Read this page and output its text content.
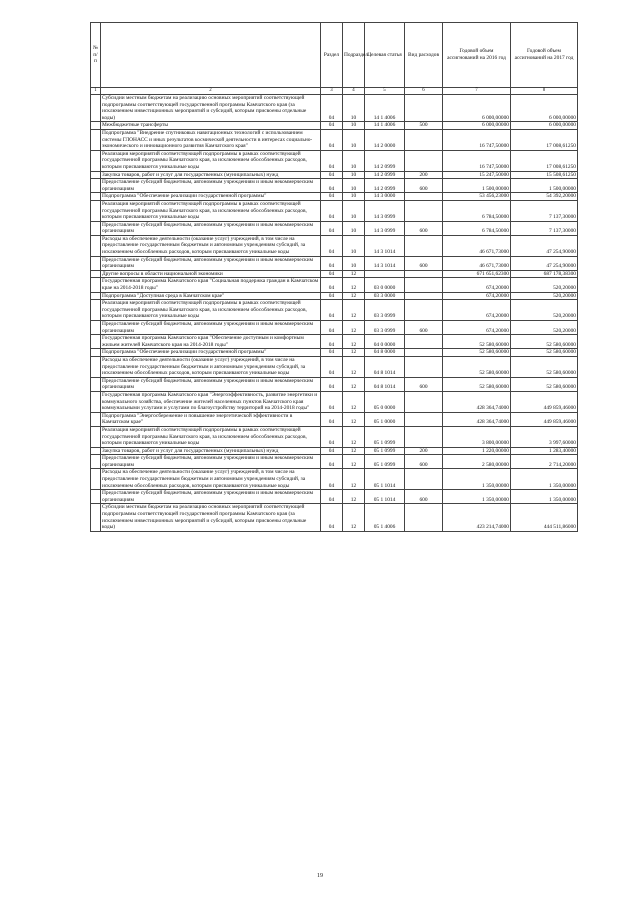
№ п/п		Раздел	Подраздел	Целевая статья	Вид расходов	Годовой объем ассигнований на 2016 год	Годовой объем ассигнований на 2017 год
1	2	3	4	5	6	7	8
	Субсидии местным бюджетам на реализацию основных мероприятий соответствующей подпрограммы соответствующей государственной программы Камчатского края (за исключением инвестиционных мероприятий и субсидий, которым присвоены отдельные коды)	04	10	14 1 4006		6 000,00000	6 000,00000
	Межбюджетные трансферты	04	10	14 1 4006	500	6 000,00000	6 000,00000
	Подпрограмма "Внедрение спутниковых навигационных технологий с использованием системы ГЛОНАСС и иных результатов космической деятельности в интересах социально-экономического и инновационного развития Камчатского края"	04	10	14 2 0000		16 747,50000	17 008,61250
	Реализация мероприятий соответствующей подпрограммы в рамках соответствующей государственной программы Камчатского края, за исключением обособленных расходов, которым присваиваются уникальные коды	04	10	14 2 0999		16 747,50000	17 008,61250
	Закупка товаров, работ и услуг для государственных (муниципальных) нужд	04	10	14 2 0999	200	15 247,50000	15 508,61250
	Предоставление субсидий бюджетным, автономным учреждениям и иным некоммерческим организациям	04	10	14 2 0999	600	1 500,00000	1 500,00000
	Подпрограмма "Обеспечение реализации государственной программы"	04	10	14 3 0000		53 456,23000	54 392,20000
	Реализация мероприятий соответствующей подпрограммы в рамках соответствующей государственной программы Камчатского края, за исключением обособленных расходов, которым присваиваются уникальные коды	04	10	14 3 0999		6 784,50000	7 137,30000
	Предоставление субсидий бюджетным, автономным учреждениям и иным некоммерческим организациям	04	10	14 3 0999	600	6 784,50000	7 137,30000
	Расходы на обеспечение деятельности (оказание услуг) учреждений, в том числе на предоставление государственным бюджетным и автономным учреждениям субсидий, за исключением обособленных расходов, которым присваиваются уникальные коды	04	10	14 3 1014		46 671,73000	47 254,90000
	Предоставление субсидий бюджетным, автономным учреждениям и иным некоммерческим организациям	04	10	14 3 1014	600	46 671,73000	47 254,90000
	Другие вопросы в области национальной экономики	04	12			671 651,62300	687 178,38300
	Государственная программа Камчатского края "Социальная поддержка граждан в Камчатском крае на 2014-2018 годы"	04	12	03 0 0000		674,20000	520,20000
	Подпрограмма "Доступная среда в Камчатском крае"	04	12	03 3 0000		674,20000	520,20000
	Реализация мероприятий соответствующей подпрограммы в рамках соответствующей государственной программы Камчатского края, за исключением обособленных расходов, которым присваиваются уникальные коды	04	12	03 3 0999		674,20000	520,20000
	Предоставление субсидий бюджетным, автономным учреждениям и иным некоммерческим организациям	04	12	03 3 0999	600	674,20000	520,20000
	Государственная программа Камчатского края "Обеспечение доступным и комфортным жильем жителей Камчатского края на 2014-2018 годы"	04	12	04 0 0000		52 580,60000	52 580,60000
	Подпрограмма "Обеспечение реализации государственной программы"	04	12	04 8 0000		52 580,60000	52 580,60000
	Расходы на обеспечение деятельности (оказание услуг) учреждений, в том числе на предоставление государственным бюджетным и автономным учреждениям субсидий, за исключением обособленных расходов, которым присваиваются уникальные коды	04	12	04 8 1014		52 580,60000	52 580,60000
	Предоставление субсидий бюджетным, автономным учреждениям и иным некоммерческим организациям	04	12	04 8 1014	600	52 580,60000	52 580,60000
	Государственная программа Камчатского края "Энергоэффективность, развитие энергетики и коммунального хозяйства, обеспечение жителей населенных пунктов Камчатского края коммунальными услугами и услугами по благоустройству территорий на 2014-2018 годы"	04	12	05 0 0000		428 364,74000	449 859,46000
	Подпрограмма "Энергосбережение и повышение энергетической эффективности в Камчатском крае"	04	12	05 1 0000		428 364,74000	449 859,46000
	Реализация мероприятий соответствующей подпрограммы в рамках соответствующей государственной программы Камчатского края, за исключением обособленных расходов, которым присваиваются уникальные коды	04	12	05 1 0999		3 800,00000	3 997,60000
	Закупка товаров, работ и услуг для государственных (муниципальных) нужд	04	12	05 1 0999	200	1 220,00000	1 283,40000
	Предоставление субсидий бюджетным, автономным учреждениям и иным некоммерческим организациям	04	12	05 1 0999	600	2 580,00000	2 714,20000
	Расходы на обеспечение деятельности (оказание услуг) учреждений, в том числе на предоставление государственным бюджетным и автономным учреждениям субсидий, за исключением обособленных расходов, которым присваиваются уникальные коды	04	12	05 1 1014		1 350,00000	1 350,00000
	Предоставление субсидий бюджетным, автономным учреждениям и иным некоммерческим организациям	04	12	05 1 1014	600	1 350,00000	1 350,00000
	Субсидии местным бюджетам на реализацию основных мероприятий соответствующей подпрограммы соответствующей государственной программы Камчатского края (за исключением инвестиционных мероприятий и субсидий, которым присвоены отдельные коды)	04	12	05 1 4006		423 214,74000	444 511,86000
19
